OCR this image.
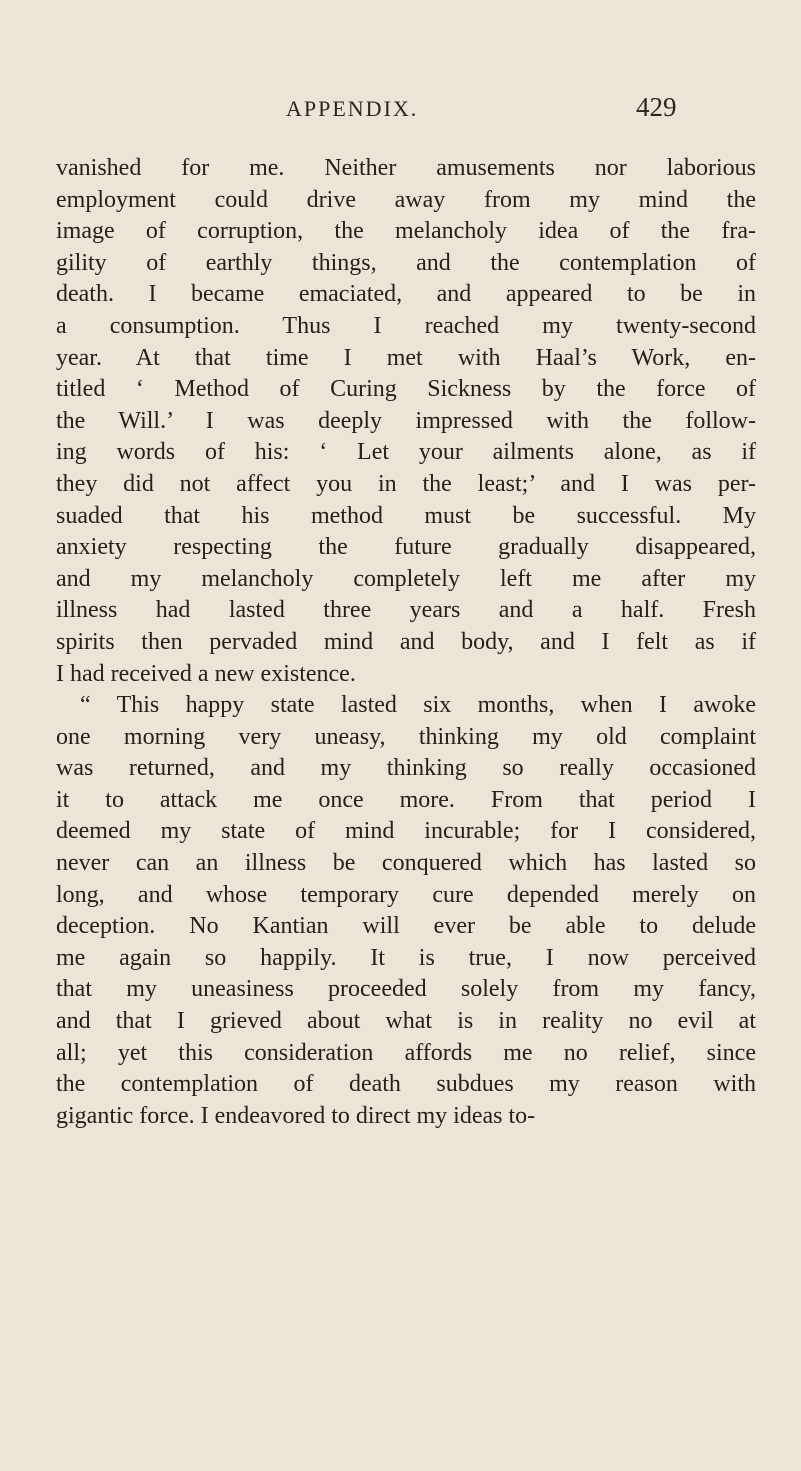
APPENDIX.	429
vanished for me. Neither amusements nor laborious
employment could drive away from my mind the
image of corruption, the melancholy idea of the fra-
gility of earthly things, and the contemplation of
death. I became emaciated, and appeared to be in
a consumption. Thus I reached my twenty-second
year. At that time I met with Haal’s Work, en-
titled ‘ Method of Curing Sickness by the force of
the Will.’ I was deeply impressed with the follow-
ing words of his: ‘ Let your ailments alone, as if
they did not affect you in the least;’ and I was per-
suaded that his method must be successful. My
anxiety respecting the future gradually disappeared,
and my melancholy completely left me after my
illness had lasted three years and a half. Fresh
spirits then pervaded mind and body, and I felt as if
I had received a new existence.
“ This happy state lasted six months, when I awoke
one morning very uneasy, thinking my old complaint
was returned, and my thinking so really occasioned
it to attack me once more. From that period I
deemed my state of mind incurable; for I considered,
never can an illness be conquered which has lasted so
long, and whose temporary cure depended merely on
deception. No Kantian will ever be able to delude
me again so happily. It is true, I now perceived
that my uneasiness proceeded solely from my fancy,
and that I grieved about what is in reality no evil at
all; yet this consideration affords me no relief, since
the contemplation of death subdues my reason with
gigantic force. I endeavored to direct my ideas to-
